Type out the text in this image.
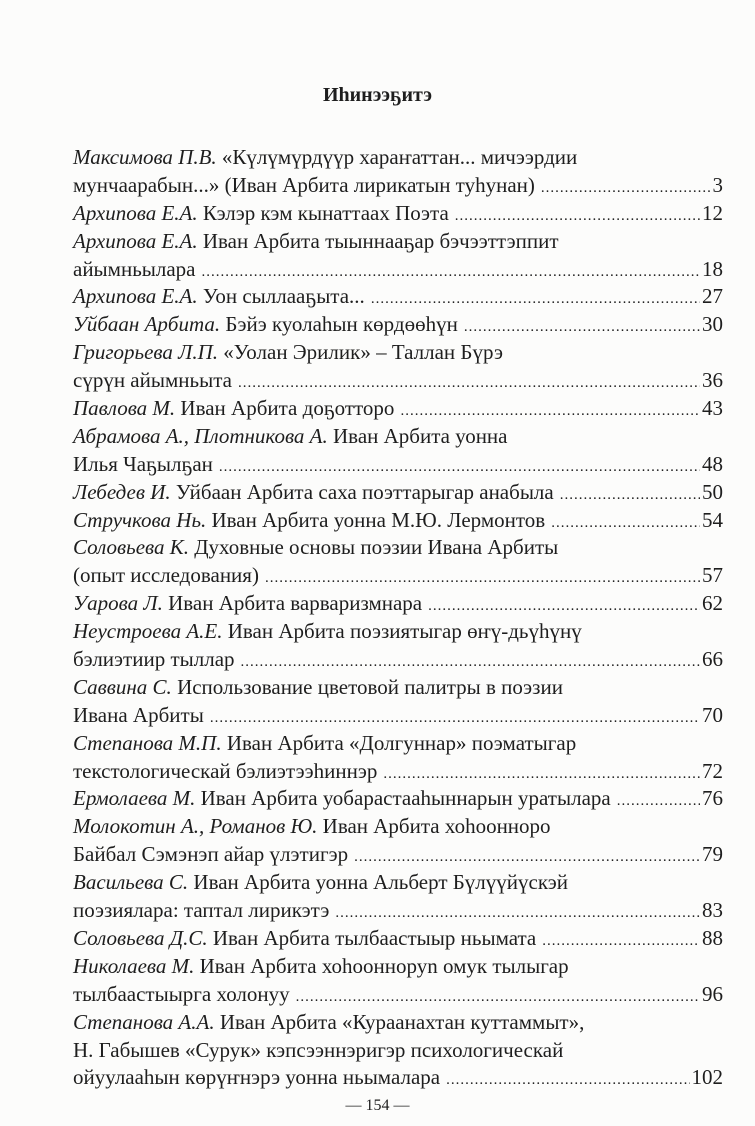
Иһинээҕитэ
Максимова П.В. «Күлүмүрдүүр хараҥаттан... мичээрдии
мунчаарабын...» (Иван Арбита лирикатын туһунан) .....	3
Архипова Е.А. Кэлэр кэм кынаттаах Поэта .....	12
Архипова Е.А. Иван Арбита тыыннааҕар бэчээттэппит
айымньылара .....	18
Архипова Е.А. Уон сыллааҕыта... .....	27
Уйбаан Арбита. Бэйэ куолаһын көрдөөһүн .....	30
Григорьева Л.П. «Уолан Эрилик» – Таллан Бүрэ
сүрүн айымньыта .....	36
Павлова М. Иван Арбита доҕотторо .....	43
Абрамова А., Плотникова А. Иван Арбита уонна
Илья Чаҕылҕан .....	48
Лебедев И. Уйбаан Арбита саха поэттарыгар анабыла .....	50
Стручкова Нь. Иван Арбита уонна М.Ю. Лермонтов .....	54
Соловьева К. Духовные основы поэзии Ивана Арбиты
(опыт исследования) .....	57
Уарова Л. Иван Арбита варваризмнара .....	62
Неустроева А.Е. Иван Арбита поэзиятыгар өҥү-дьүһүнү
бэлиэтиир тыллар .....	66
Саввина С. Использование цветовой палитры в поэзии
Ивана Арбиты .....	70
Степанова М.П. Иван Арбита «Долгуннар» поэматыгар
текстологическай бэлиэтээһиннэр .....	72
Ермолаева М. Иван Арбита уобарастааһыннарын уратылара .....	76
Молокотин А., Романов Ю. Иван Арбита хоһоонноро
Байбал Сэмэнэп айар үлэтигэр .....	79
Васильева С. Иван Арбита уонна Альберт Бүлүүйүскэй
поэзиялара: таптал лирикэтэ .....	83
Соловьева Д.С. Иван Арбита тылбаастыыр ньымата .....	88
Николаева М. Иван Арбита хоһоонноруn омук тылыгар
тылбаастыырга холонуу .....	96
Степанова А.А. Иван Арбита «Кураанахтан куттаммыт»,
Н. Габышев «Сурук» кэпсээннэригэр психологическай
ойуулааһын көрүҥнэрэ уонна ньымалара .....	102
— 154 —
